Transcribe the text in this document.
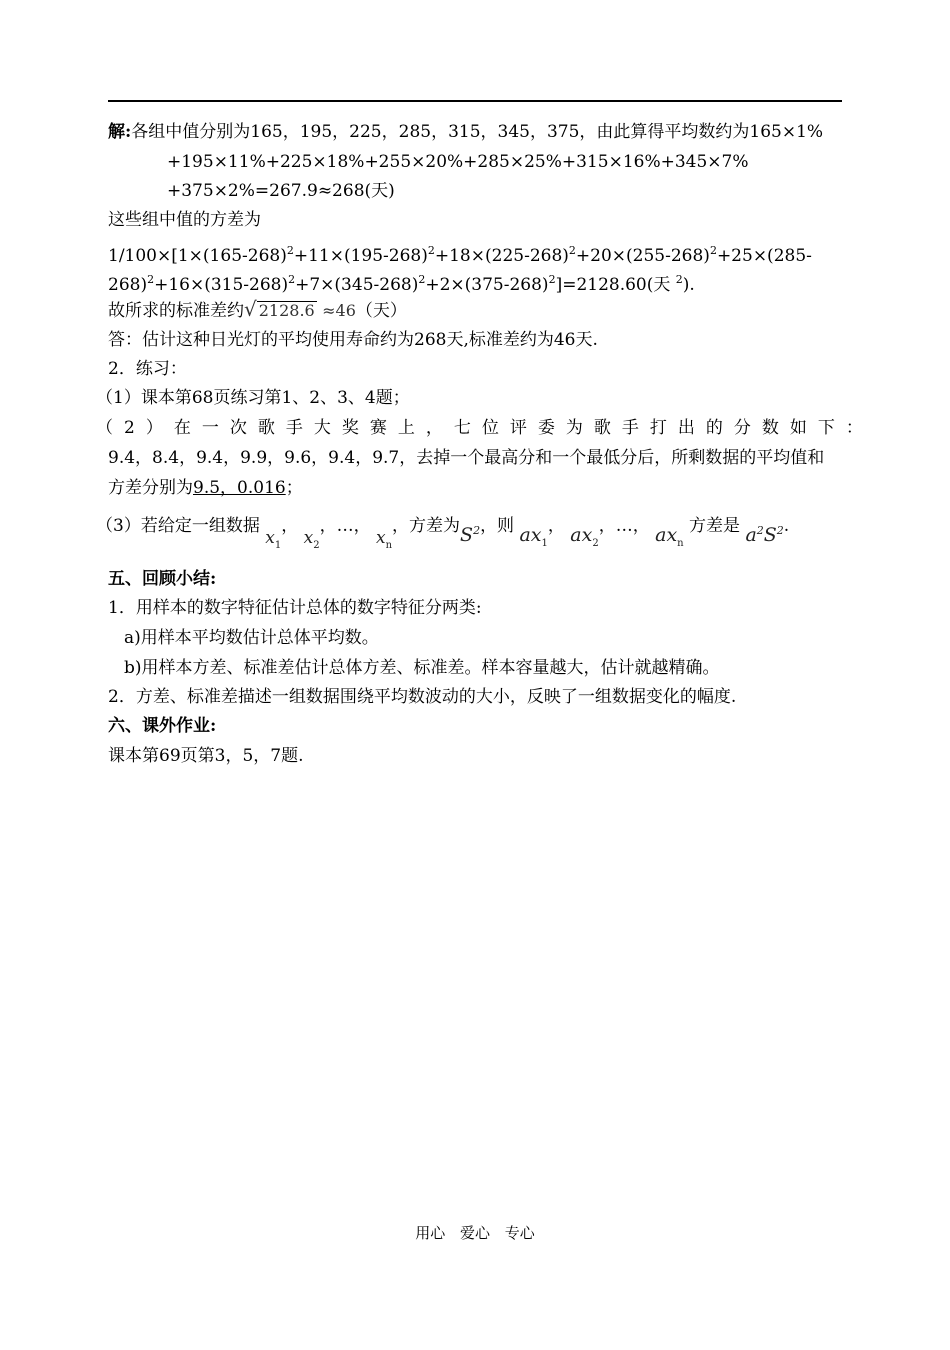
解:各组中值分别为165，195，225，285，315，345，375，由此算得平均数约为165×1%
+195×11%+225×18%+255×20%+285×25%+315×16%+345×7%
+375×2%=267.9≈268(天)
这些组中值的方差为
$1/100\times[1\times(165-268)^2+11\times(195-268)^2+18\times(225-268)^2+20\times(255-268)^2+25\times(285-$
$268)^2+16\times(315-268)^2+7\times(345-268)^2+2\times(375-268)^2]=2128.60$(天 $^2$).
故所求的标准差约√ 2128.6 ≈46（天）
答：估计这种日光灯的平均使用寿命约为268天,标准差约为46天.
2．练习：
（1）课本第68页练习第1、2、3、4题；
（2）在一次歌手大奖赛上，七位评委为歌手打出的分数如下：
9.4，8.4，9.4，9.9，9.6，9.4，9.7，去掉一个最高分和一个最低分后，所剩数据的平均值和
方差分别为9.5，0.016；
（3）若给定一组数据 $x_1$， $x_2$，…， $x_n$，方差为$S^2$，则 $ax_1$， $ax_2$，…， $ax_n$ 方差是 $a^2S^2$.
五、回顾小结:
1．用样本的数字特征估计总体的数字特征分两类:
a)用样本平均数估计总体平均数。
b)用样本方差、标准差估计总体方差、标准差。样本容量越大，估计就越精确。
2．方差、标准差描述一组数据围绕平均数波动的大小，反映了一组数据变化的幅度.
六、课外作业:
课本第69页第3，5，7题.
用心 爱心 专心
